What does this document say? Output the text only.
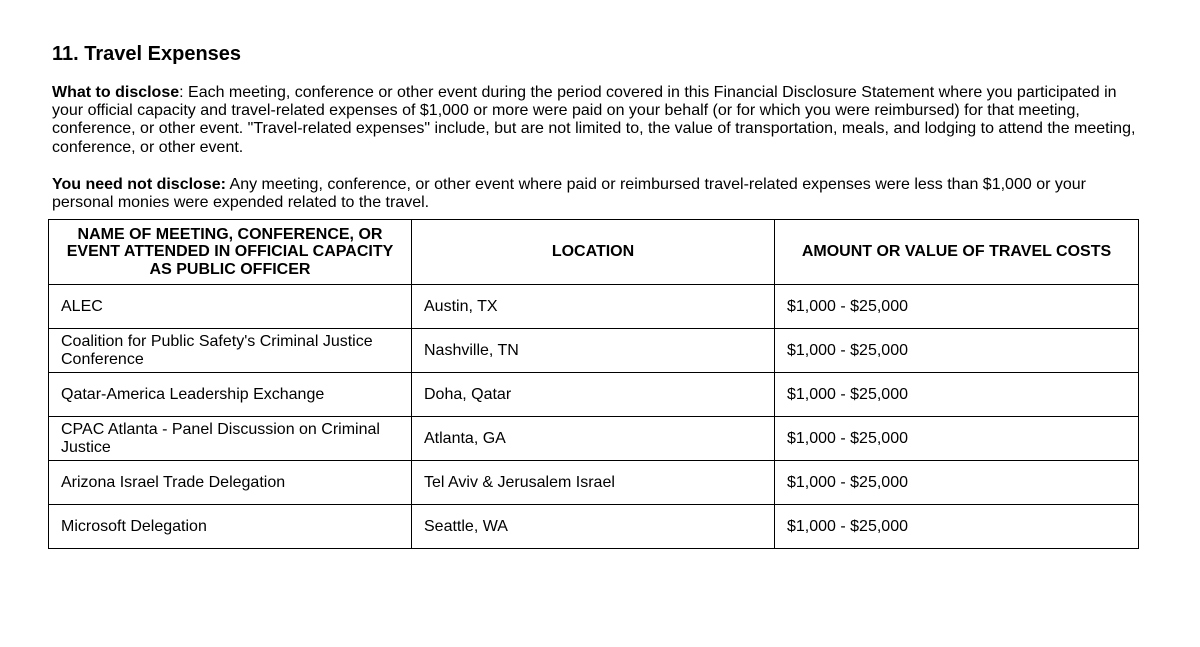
11. Travel Expenses

What to disclose: Each meeting, conference or other event during the period covered in this Financial Disclosure Statement where you participated in your official capacity and travel-related expenses of $1,000 or more were paid on your behalf (or for which you were reimbursed) for that meeting, conference, or other event. "Travel-related expenses" include, but are not limited to, the value of transportation, meals, and lodging to attend the meeting, conference, or other event.

You need not disclose: Any meeting, conference, or other event where paid or reimbursed travel-related expenses were less than $1,000 or your personal monies were expended related to the travel.

NAME OF MEETING, CONFERENCE, OR EVENT ATTENDED IN OFFICIAL CAPACITY AS PUBLIC OFFICER	LOCATION	AMOUNT OR VALUE OF TRAVEL COSTS
ALEC	Austin, TX	$1,000 - $25,000
Coalition for Public Safety's Criminal Justice Conference	Nashville, TN	$1,000 - $25,000
Qatar-America Leadership Exchange	Doha, Qatar	$1,000 - $25,000
CPAC Atlanta - Panel Discussion on Criminal Justice	Atlanta, GA	$1,000 - $25,000
Arizona Israel Trade Delegation	Tel Aviv & Jerusalem Israel	$1,000 - $25,000
Microsoft Delegation	Seattle, WA	$1,000 - $25,000
